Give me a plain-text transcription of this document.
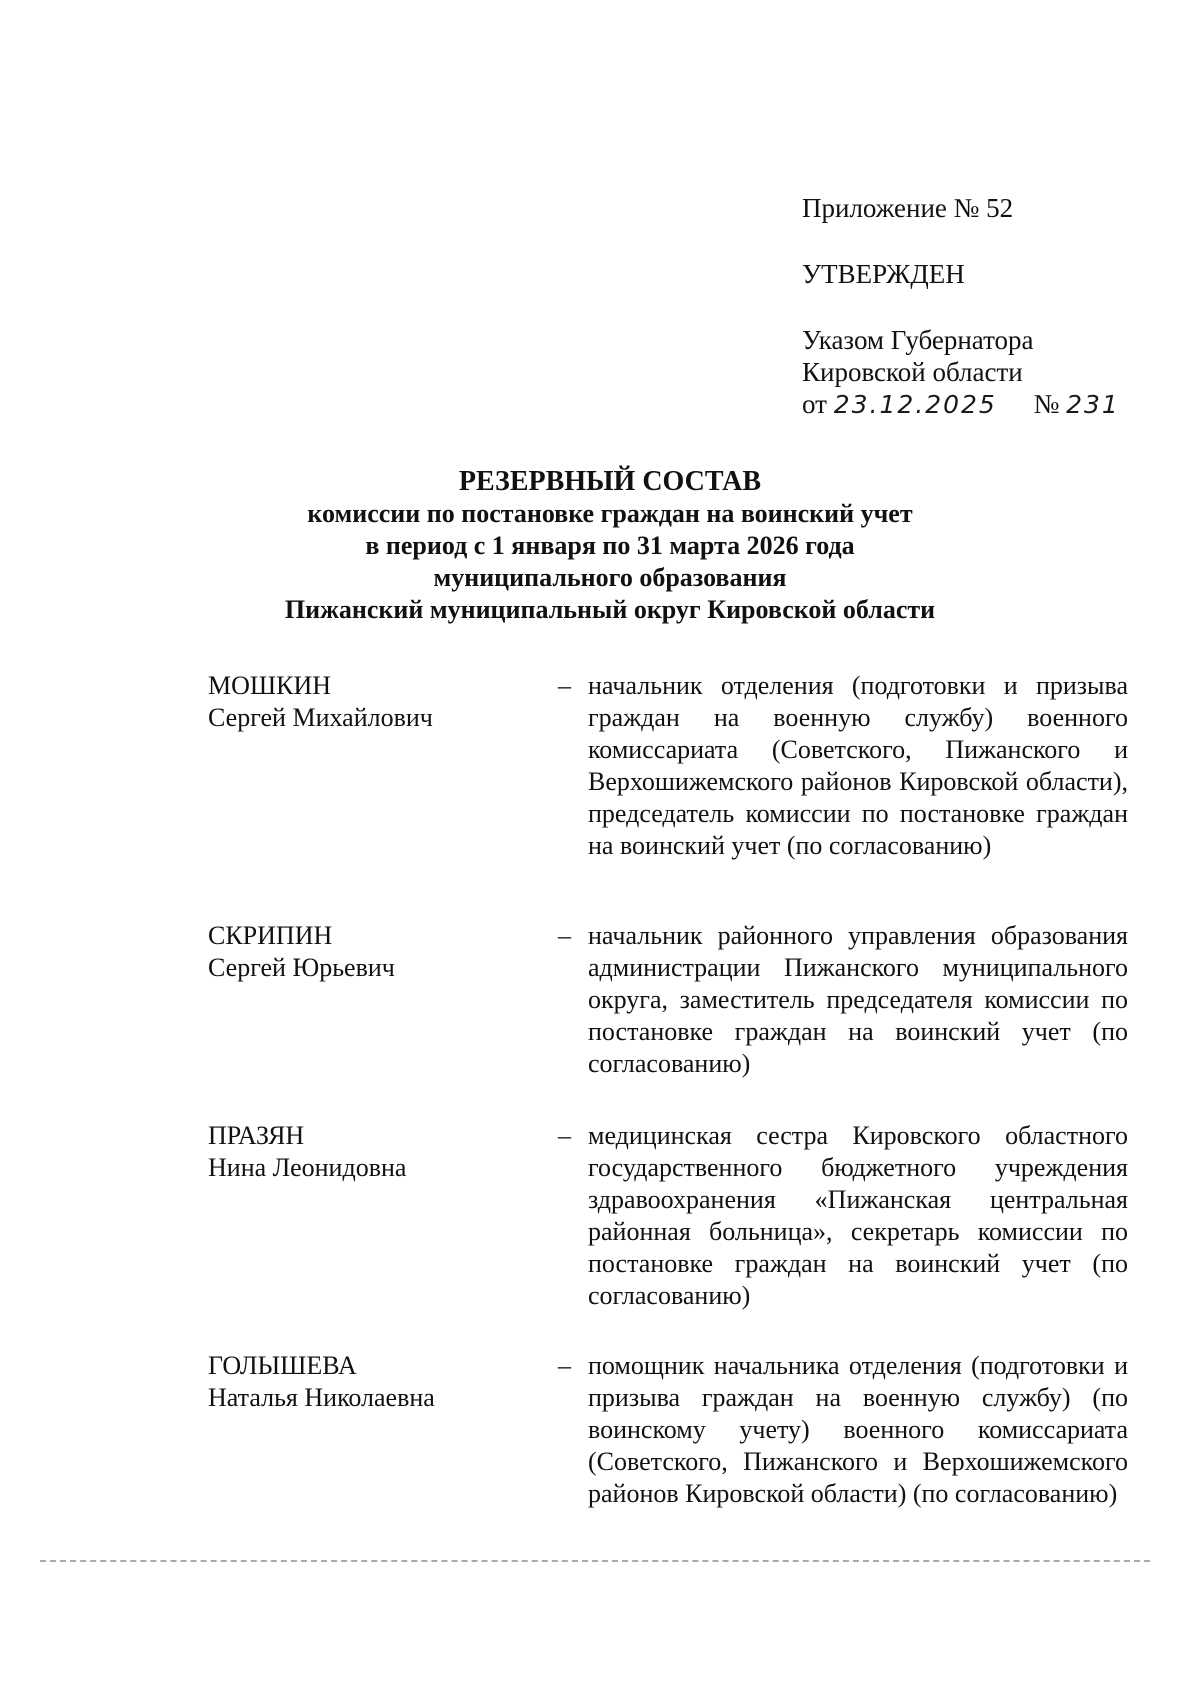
Приложение № 52
УТВЕРЖДЕН
Указом Губернатора
Кировской области
от 23.12.2025 № 231
РЕЗЕРВНЫЙ СОСТАВ
комиссии по постановке граждан на воинский учет
в период с 1 января по 31 марта 2026 года
муниципального образования
Пижанский муниципальный округ Кировской области
МОШКИН
Сергей Михайлович
– начальник отделения (подготовки и призыва граждан на военную службу) военного комиссариата (Советского, Пижанского и Верхошижемского районов Кировской области), председатель комиссии по постановке граждан на воинский учет (по согласованию)
СКРИПИН
Сергей Юрьевич
– начальник районного управления образования администрации Пижанского муниципального округа, заместитель председателя комиссии по постановке граждан на воинский учет (по согласованию)
ПРАЗЯН
Нина Леонидовна
– медицинская сестра Кировского областного государственного бюджетного учреждения здравоохранения «Пижанская центральная районная больница», секретарь комиссии по постановке граждан на воинский учет (по согласованию)
ГОЛЫШЕВА
Наталья Николаевна
– помощник начальника отделения (подготовки и призыва граждан на военную службу) (по воинскому учету) военного комиссариата (Советского, Пижанского и Верхошижемского районов Кировской области) (по согласованию)
